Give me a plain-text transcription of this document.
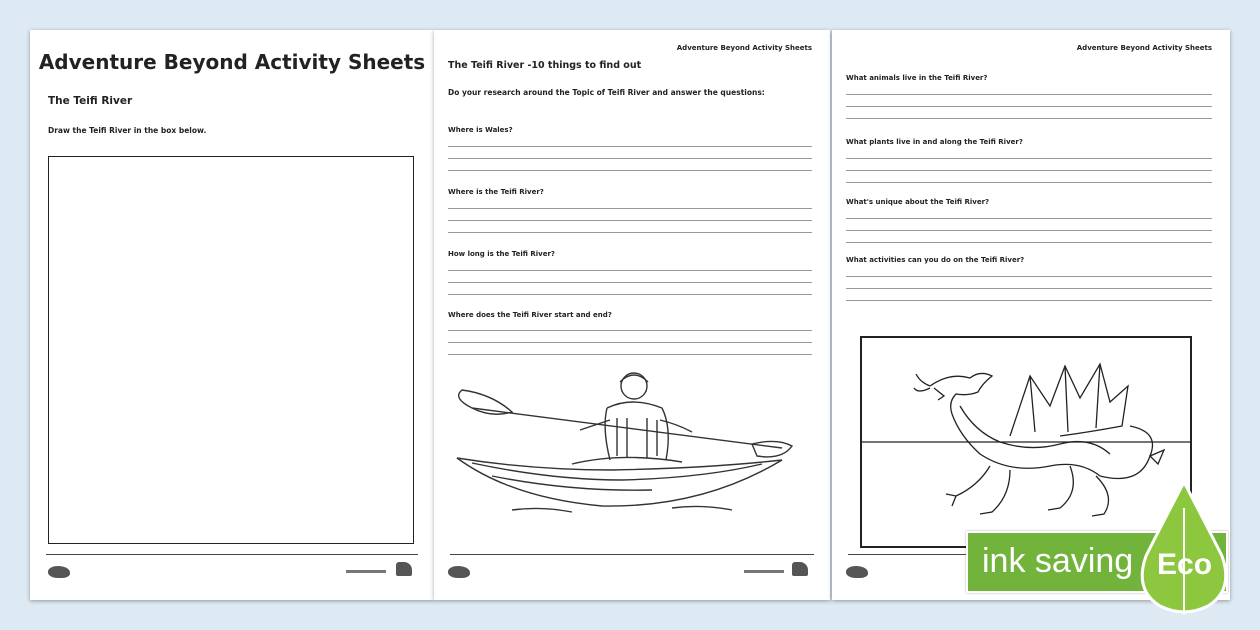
Adventure Beyond Activity Sheets
The Teifi River
Draw the Teifi River in the box below.
Adventure Beyond Activity Sheets
The Teifi River -10 things to find out
Do your research around the Topic of Teifi River and answer the questions:
Where is Wales?
Where is the Teifi River?
How long is the Teifi River?
Where does the Teifi River start and end?
Adventure Beyond Activity Sheets
What animals live in the Teifi River?
What plants live in and along the Teifi River?
What's unique about the Teifi River?
What activities can you do on the Teifi River?
ink saving Eco
